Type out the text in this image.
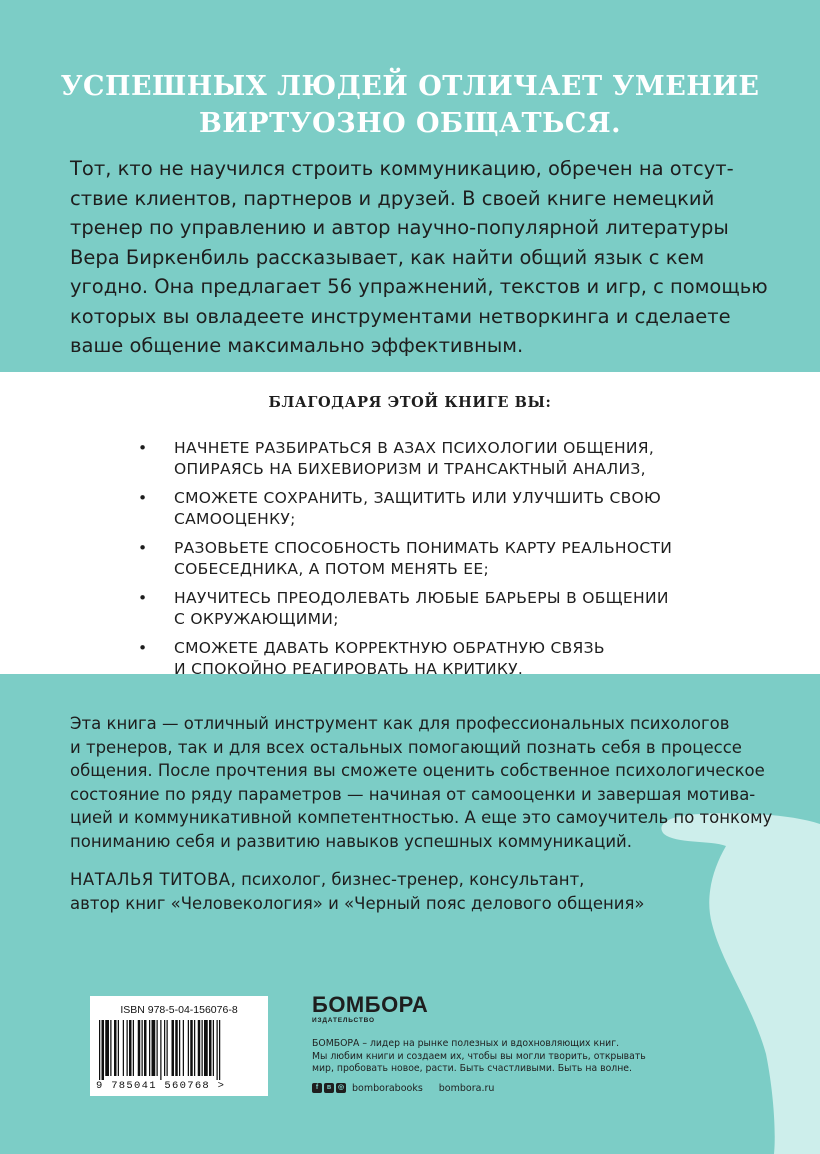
УСПЕШНЫХ ЛЮДЕЙ ОТЛИЧАЕТ УМЕНИЕ
ВИРТУОЗНО ОБЩАТЬСЯ.
Тот, кто не научился строить коммуникацию, обречен на отсут-
ствие клиентов, партнеров и друзей. В своей книге немецкий
тренер по управлению и автор научно-популярной литературы
Вера Биркенбиль рассказывает, как найти общий язык с кем
угодно. Она предлагает 56 упражнений, текстов и игр, с помощью
которых вы овладеете инструментами нетворкинга и сделаете
ваше общение максимально эффективным.
БЛАГОДАРЯ ЭТОЙ КНИГЕ ВЫ:
• НАЧНЕТЕ РАЗБИРАТЬСЯ В АЗАХ ПСИХОЛОГИИ ОБЩЕНИЯ,
ОПИРАЯСЬ НА БИХЕВИОРИЗМ И ТРАНСАКТНЫЙ АНАЛИЗ,
• СМОЖЕТЕ СОХРАНИТЬ, ЗАЩИТИТЬ ИЛИ УЛУЧШИТЬ СВОЮ
САМООЦЕНКУ;
• РАЗОВЬЕТЕ СПОСОБНОСТЬ ПОНИМАТЬ КАРТУ РЕАЛЬНОСТИ
СОБЕСЕДНИКА, А ПОТОМ МЕНЯТЬ ЕЕ;
• НАУЧИТЕСЬ ПРЕОДОЛЕВАТЬ ЛЮБЫЕ БАРЬЕРЫ В ОБЩЕНИИ
С ОКРУЖАЮЩИМИ;
• СМОЖЕТЕ ДАВАТЬ КОРРЕКТНУЮ ОБРАТНУЮ СВЯЗЬ
И СПОКОЙНО РЕАГИРОВАТЬ НА КРИТИКУ.
Эта книга — отличный инструмент как для профессиональных психологов
и тренеров, так и для всех остальных помогающий познать себя в процессе
общения. После прочтения вы сможете оценить собственное психологическое
состояние по ряду параметров — начиная от самооценки и завершая мотива-
цией и коммуникативной компетентностью. А еще это самоучитель по тонкому
пониманию себя и развитию навыков успешных коммуникаций.
НАТАЛЬЯ ТИТОВА, психолог, бизнес-тренер, консультант,
автор книг «Человекология» и «Черный пояс делового общения»
ISBN 978-5-04-156076-8
9 785041 560768 >
БОМБОРА
ИЗДАТЕЛЬСТВО
БОМБОРА – лидер на рынке полезных и вдохновляющих книг.
Мы любим книги и создаем их, чтобы вы могли творить, открывать
мир, пробовать новое, расти. Быть счастливыми. Быть на волне.
f	в ◎ bomborabooks bombora.ru
